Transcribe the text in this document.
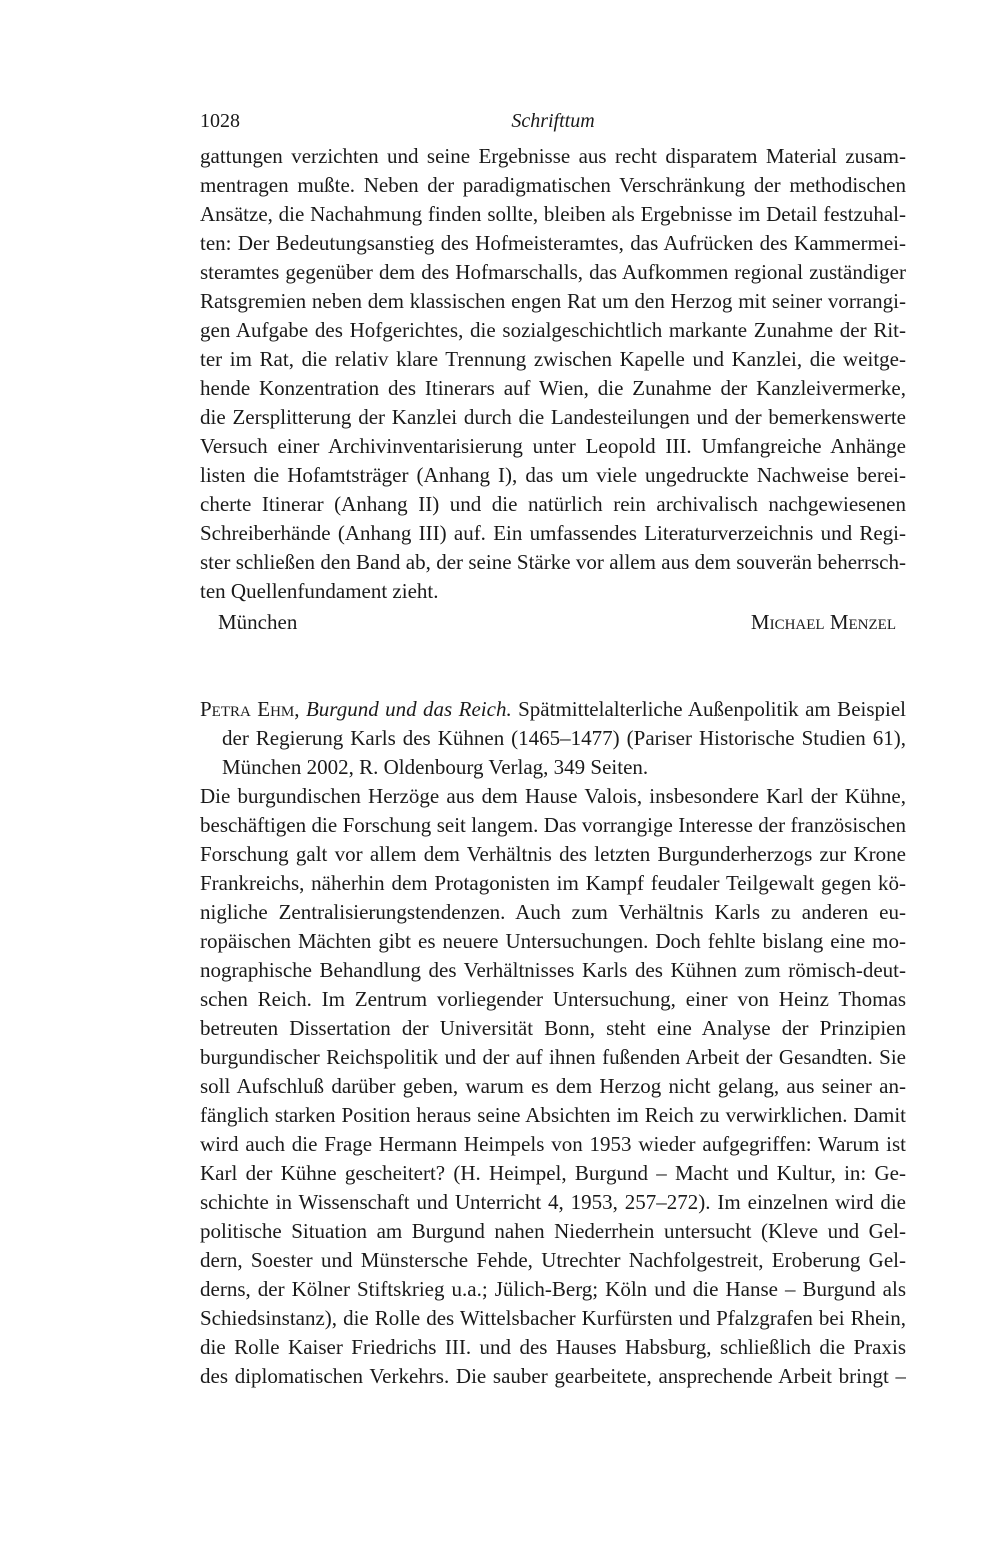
1028	Schrifttum
gattungen verzichten und seine Ergebnisse aus recht disparatem Material zusam-
mentragen mußte. Neben der paradigmatischen Verschränkung der methodischen
Ansätze, die Nachahmung finden sollte, bleiben als Ergebnisse im Detail festzuhal-
ten: Der Bedeutungsanstieg des Hofmeisteramtes, das Aufrücken des Kammermei-
steramtes gegenüber dem des Hofmarschalls, das Aufkommen regional zuständiger
Ratsgremien neben dem klassischen engen Rat um den Herzog mit seiner vorrangi-
gen Aufgabe des Hofgerichtes, die sozialgeschichtlich markante Zunahme der Rit-
ter im Rat, die relativ klare Trennung zwischen Kapelle und Kanzlei, die weitge-
hende Konzentration des Itinerars auf Wien, die Zunahme der Kanzleivermerke,
die Zersplitterung der Kanzlei durch die Landesteilungen und der bemerkenswerte
Versuch einer Archivinventarisierung unter Leopold III. Umfangreiche Anhänge
listen die Hofamtsträger (Anhang I), das um viele ungedruckte Nachweise berei-
cherte Itinerar (Anhang II) und die natürlich rein archivalisch nachgewiesenen
Schreiberhände (Anhang III) auf. Ein umfassendes Literaturverzeichnis und Regi-
ster schließen den Band ab, der seine Stärke vor allem aus dem souverän beherrsch-
ten Quellenfundament zieht.
München	Michael Menzel
Petra Ehm, Burgund und das Reich. Spätmittelalterliche Außenpolitik am Beispiel
der Regierung Karls des Kühnen (1465–1477) (Pariser Historische Studien 61),
München 2002, R. Oldenbourg Verlag, 349 Seiten.
Die burgundischen Herzöge aus dem Hause Valois, insbesondere Karl der Kühne,
beschäftigen die Forschung seit langem. Das vorrangige Interesse der französischen
Forschung galt vor allem dem Verhältnis des letzten Burgunderherzogs zur Krone
Frankreichs, näherhin dem Protagonisten im Kampf feudaler Teilgewalt gegen kö-
nigliche Zentralisierungstendenzen. Auch zum Verhältnis Karls zu anderen eu-
ropäischen Mächten gibt es neuere Untersuchungen. Doch fehlte bislang eine mo-
nographische Behandlung des Verhältnisses Karls des Kühnen zum römisch-deut-
schen Reich. Im Zentrum vorliegender Untersuchung, einer von Heinz Thomas
betreuten Dissertation der Universität Bonn, steht eine Analyse der Prinzipien
burgundischer Reichspolitik und der auf ihnen fußenden Arbeit der Gesandten. Sie
soll Aufschluß darüber geben, warum es dem Herzog nicht gelang, aus seiner an-
fänglich starken Position heraus seine Absichten im Reich zu verwirklichen. Damit
wird auch die Frage Hermann Heimpels von 1953 wieder aufgegriffen: Warum ist
Karl der Kühne gescheitert? (H. Heimpel, Burgund – Macht und Kultur, in: Ge-
schichte in Wissenschaft und Unterricht 4, 1953, 257–272). Im einzelnen wird die
politische Situation am Burgund nahen Niederrhein untersucht (Kleve und Gel-
dern, Soester und Münstersche Fehde, Utrechter Nachfolgestreit, Eroberung Gel-
derns, der Kölner Stiftskrieg u.a.; Jülich-Berg; Köln und die Hanse – Burgund als
Schiedsinstanz), die Rolle des Wittelsbacher Kurfürsten und Pfalzgrafen bei Rhein,
die Rolle Kaiser Friedrichs III. und des Hauses Habsburg, schließlich die Praxis
des diplomatischen Verkehrs. Die sauber gearbeitete, ansprechende Arbeit bringt –
